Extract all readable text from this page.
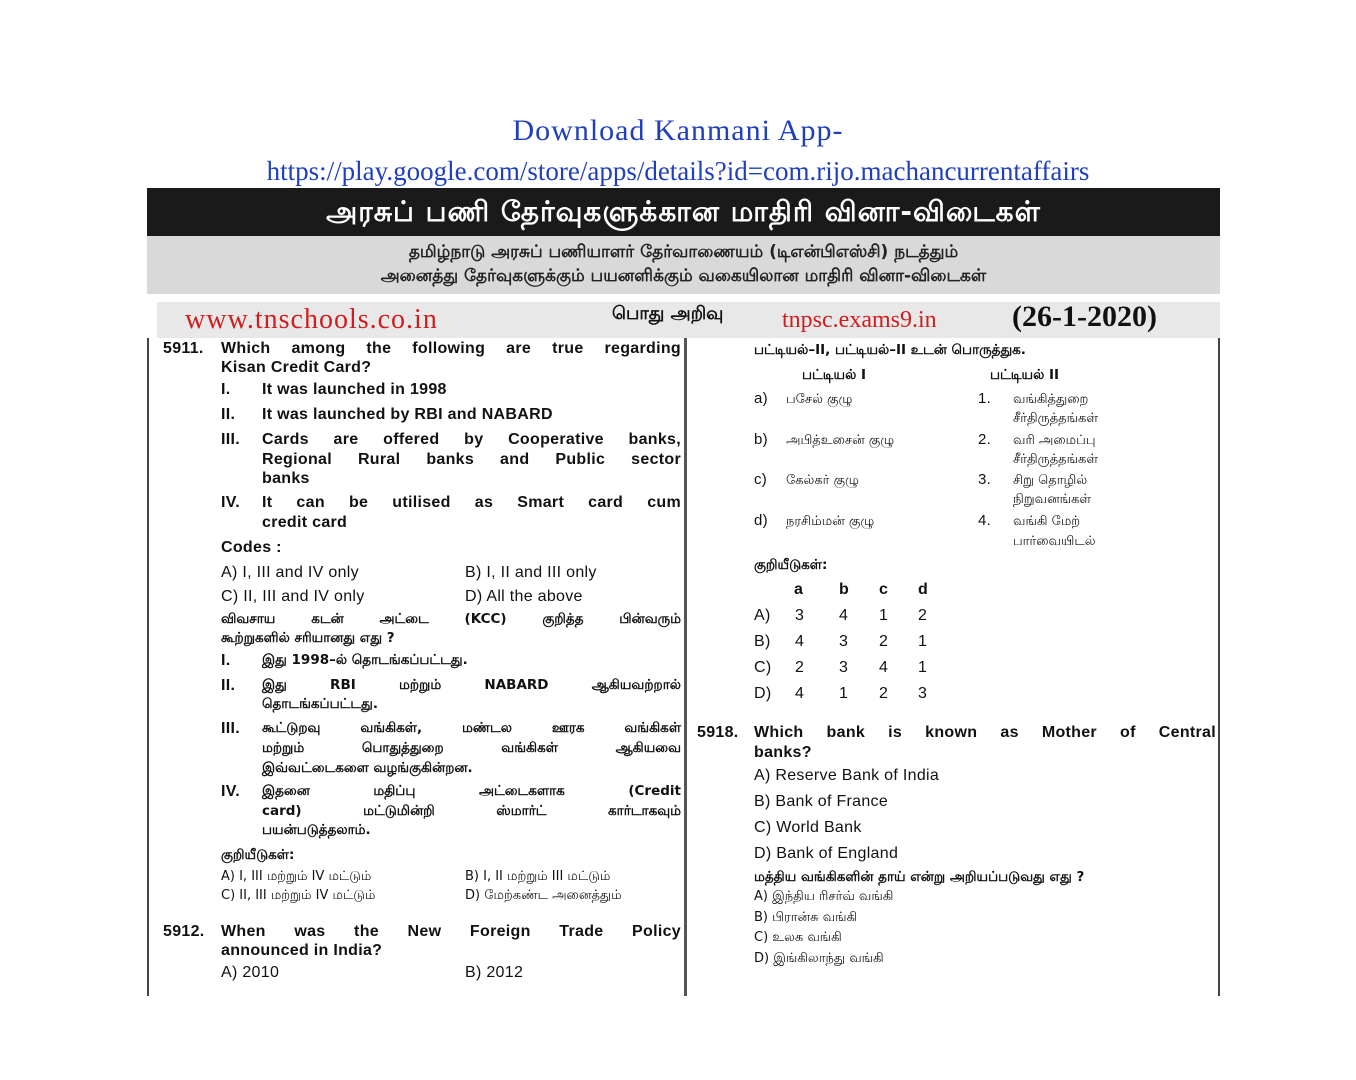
Download Kanmani App-
https://play.google.com/store/apps/details?id=com.rijo.machancurrentaffairs
அரசுப் பணி தேர்வுகளுக்கான மாதிரி வினா-விடைகள்
தமிழ்நாடு அரசுப் பணியாளர் தேர்வாணையம் (டிஎன்பிஎஸ்சி) நடத்தும்
அனைத்து தேர்வுகளுக்கும் பயனளிக்கும் வகையிலான மாதிரி வினா-விடைகள்
www.tnschools.co.in	பொது அறிவு tnpsc.exams9.in	(26-1-2020)
5911. Which among the following are true regarding
Kisan Credit Card?
I. It was launched in 1998
II. It was launched by RBI and NABARD
III. Cards are offered by Cooperative banks,
Regional Rural banks and Public sector
banks
IV. It can be utilised as Smart card cum
credit card
Codes :
A) I, III and IV only	B) I, II and III only
C) II, III and IV only	D) All the above
விவசாய கடன் அட்டை (KCC) குறித்த பின்வரும்
கூற்றுகளில் சரியானது எது ?
I. இது 1998–ல் தொடங்கப்பட்டது.
II. இது RBI மற்றும் NABARD ஆகியவற்றால்
தொடங்கப்பட்டது.
III. கூட்டுறவு வங்கிகள், மண்டல ஊரக வங்கிகள்
மற்றும் பொதுத்துறை வங்கிகள் ஆகியவை
இவ்வட்டைகளை வழங்குகின்றன.
IV. இதனை மதிப்பு அட்டைகளாக (Credit
card) மட்டுமின்றி ஸ்மார்ட் கார்டாகவும்
பயன்படுத்தலாம்.
குறியீடுகள்:
A) I, III மற்றும் IV மட்டும்	B) I, II மற்றும் III மட்டும்
C) II, III மற்றும் IV மட்டும்	D) மேற்கண்ட அனைத்தும்
5912. When was the New Foreign Trade Policy
announced in India?
A) 2010	B) 2012
பட்டியல்–II, பட்டியல்–II உடன் பொருத்துக.
பட்டியல் I	பட்டியல் II
a) பசேல் குழு	1. வங்கித்துறை
சீர்திருத்தங்கள்
b) அபித்உசைன் குழு	2. வரி அமைப்பு
சீர்திருத்தங்கள்
c) கேல்கர் குழு	3. சிறு தொழில்
நிறுவனங்கள்
d) நரசிம்மன் குழு	4. வங்கி மேற்
பார்வையிடல்
குறியீடுகள்:
a b c d
A) 3 4 1 2
B) 4 3 2 1
C) 2 3 4 1
D) 4 1 2 3
5918. Which bank is known as Mother of Central
banks?
A) Reserve Bank of India
B) Bank of France
C) World Bank
D) Bank of England
மத்திய வங்கிகளின் தாய் என்று அறியப்படுவது எது ?
A) இந்திய ரிசர்வ் வங்கி
B) பிரான்சு வங்கி
C) உலக வங்கி
D) இங்கிலாந்து வங்கி
